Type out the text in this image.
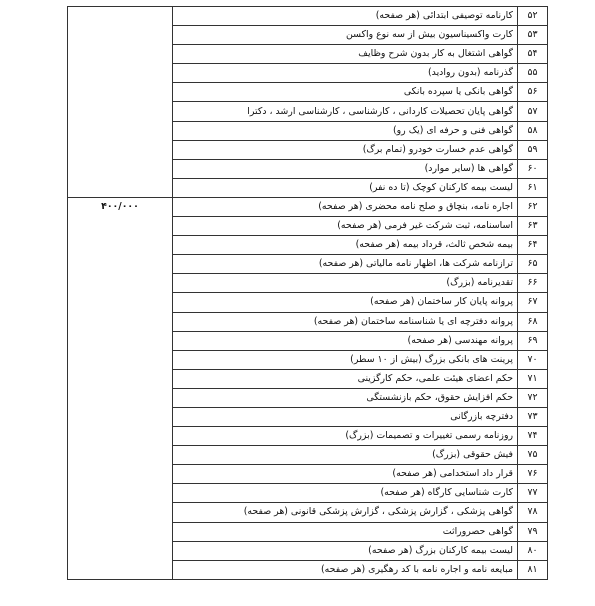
۵۲	کارنامه توصیفی ابتدائی (هر صفحه)	
۵۳	کارت واکسیناسیون بیش از سه نوع واکسن	
۵۴	گواهی اشتغال به کار بدون شرح وظایف	
۵۵	گذرنامه (بدون روادید)	
۵۶	گواهی بانکی یا سپرده بانکی	
۵۷	گواهی پایان تحصیلات کاردانی ، کارشناسی ، کارشناسی ارشد ، دکترا	
۵۸	گواهی فنی و حرفه ای (یک رو)	
۵۹	گواهی عدم خسارت خودرو (تمام برگ)	
۶۰	گواهی ها (سایر موارد)	
۶۱	لیست بیمه کارکنان کوچک (تا ده نفر)	
۶۲	اجاره نامه، بنچاق و صلح نامه محضری (هر صفحه)	۴۰۰/۰۰۰
۶۳	اساسنامه، ثبت شرکت غیر فرمی (هر صفحه)	
۶۴	بیمه شخص ثالث، قرداد بیمه (هر صفحه)	
۶۵	ترازنامه شرکت ها، اظهار نامه مالیاتی (هر صفحه)	
۶۶	تقدیرنامه (بزرگ)	
۶۷	پروانه پایان کار ساختمان (هر صفحه)	
۶۸	پروانه دفترچه ای یا شناسنامه ساختمان (هر صفحه)	
۶۹	پروانه مهندسی (هر صفحه)	
۷۰	پرینت های بانکی بزرگ (بیش از ۱۰ سطر)	
۷۱	حکم اعضای هیئت علمی، حکم کارگزینی	
۷۲	حکم افزایش حقوق، حکم بازنشستگی	
۷۳	دفترچه بازرگانی	
۷۴	روزنامه رسمی تغییرات و تصمیمات (بزرگ)	
۷۵	فیش حقوقی (بزرگ)	
۷۶	قرار داد استخدامی (هر صفحه)	
۷۷	کارت شناسایی کارگاه (هر صفحه)	
۷۸	گواهی پزشکی ، گزارش پزشکی ، گزارش پزشکی قانونی (هر صفحه)	
۷۹	گواهی حصروراثت	
۸۰	لیست بیمه کارکنان بزرگ (هر صفحه)	
۸۱	مبایعه نامه و اجاره نامه با کد رهگیری (هر صفحه)	
